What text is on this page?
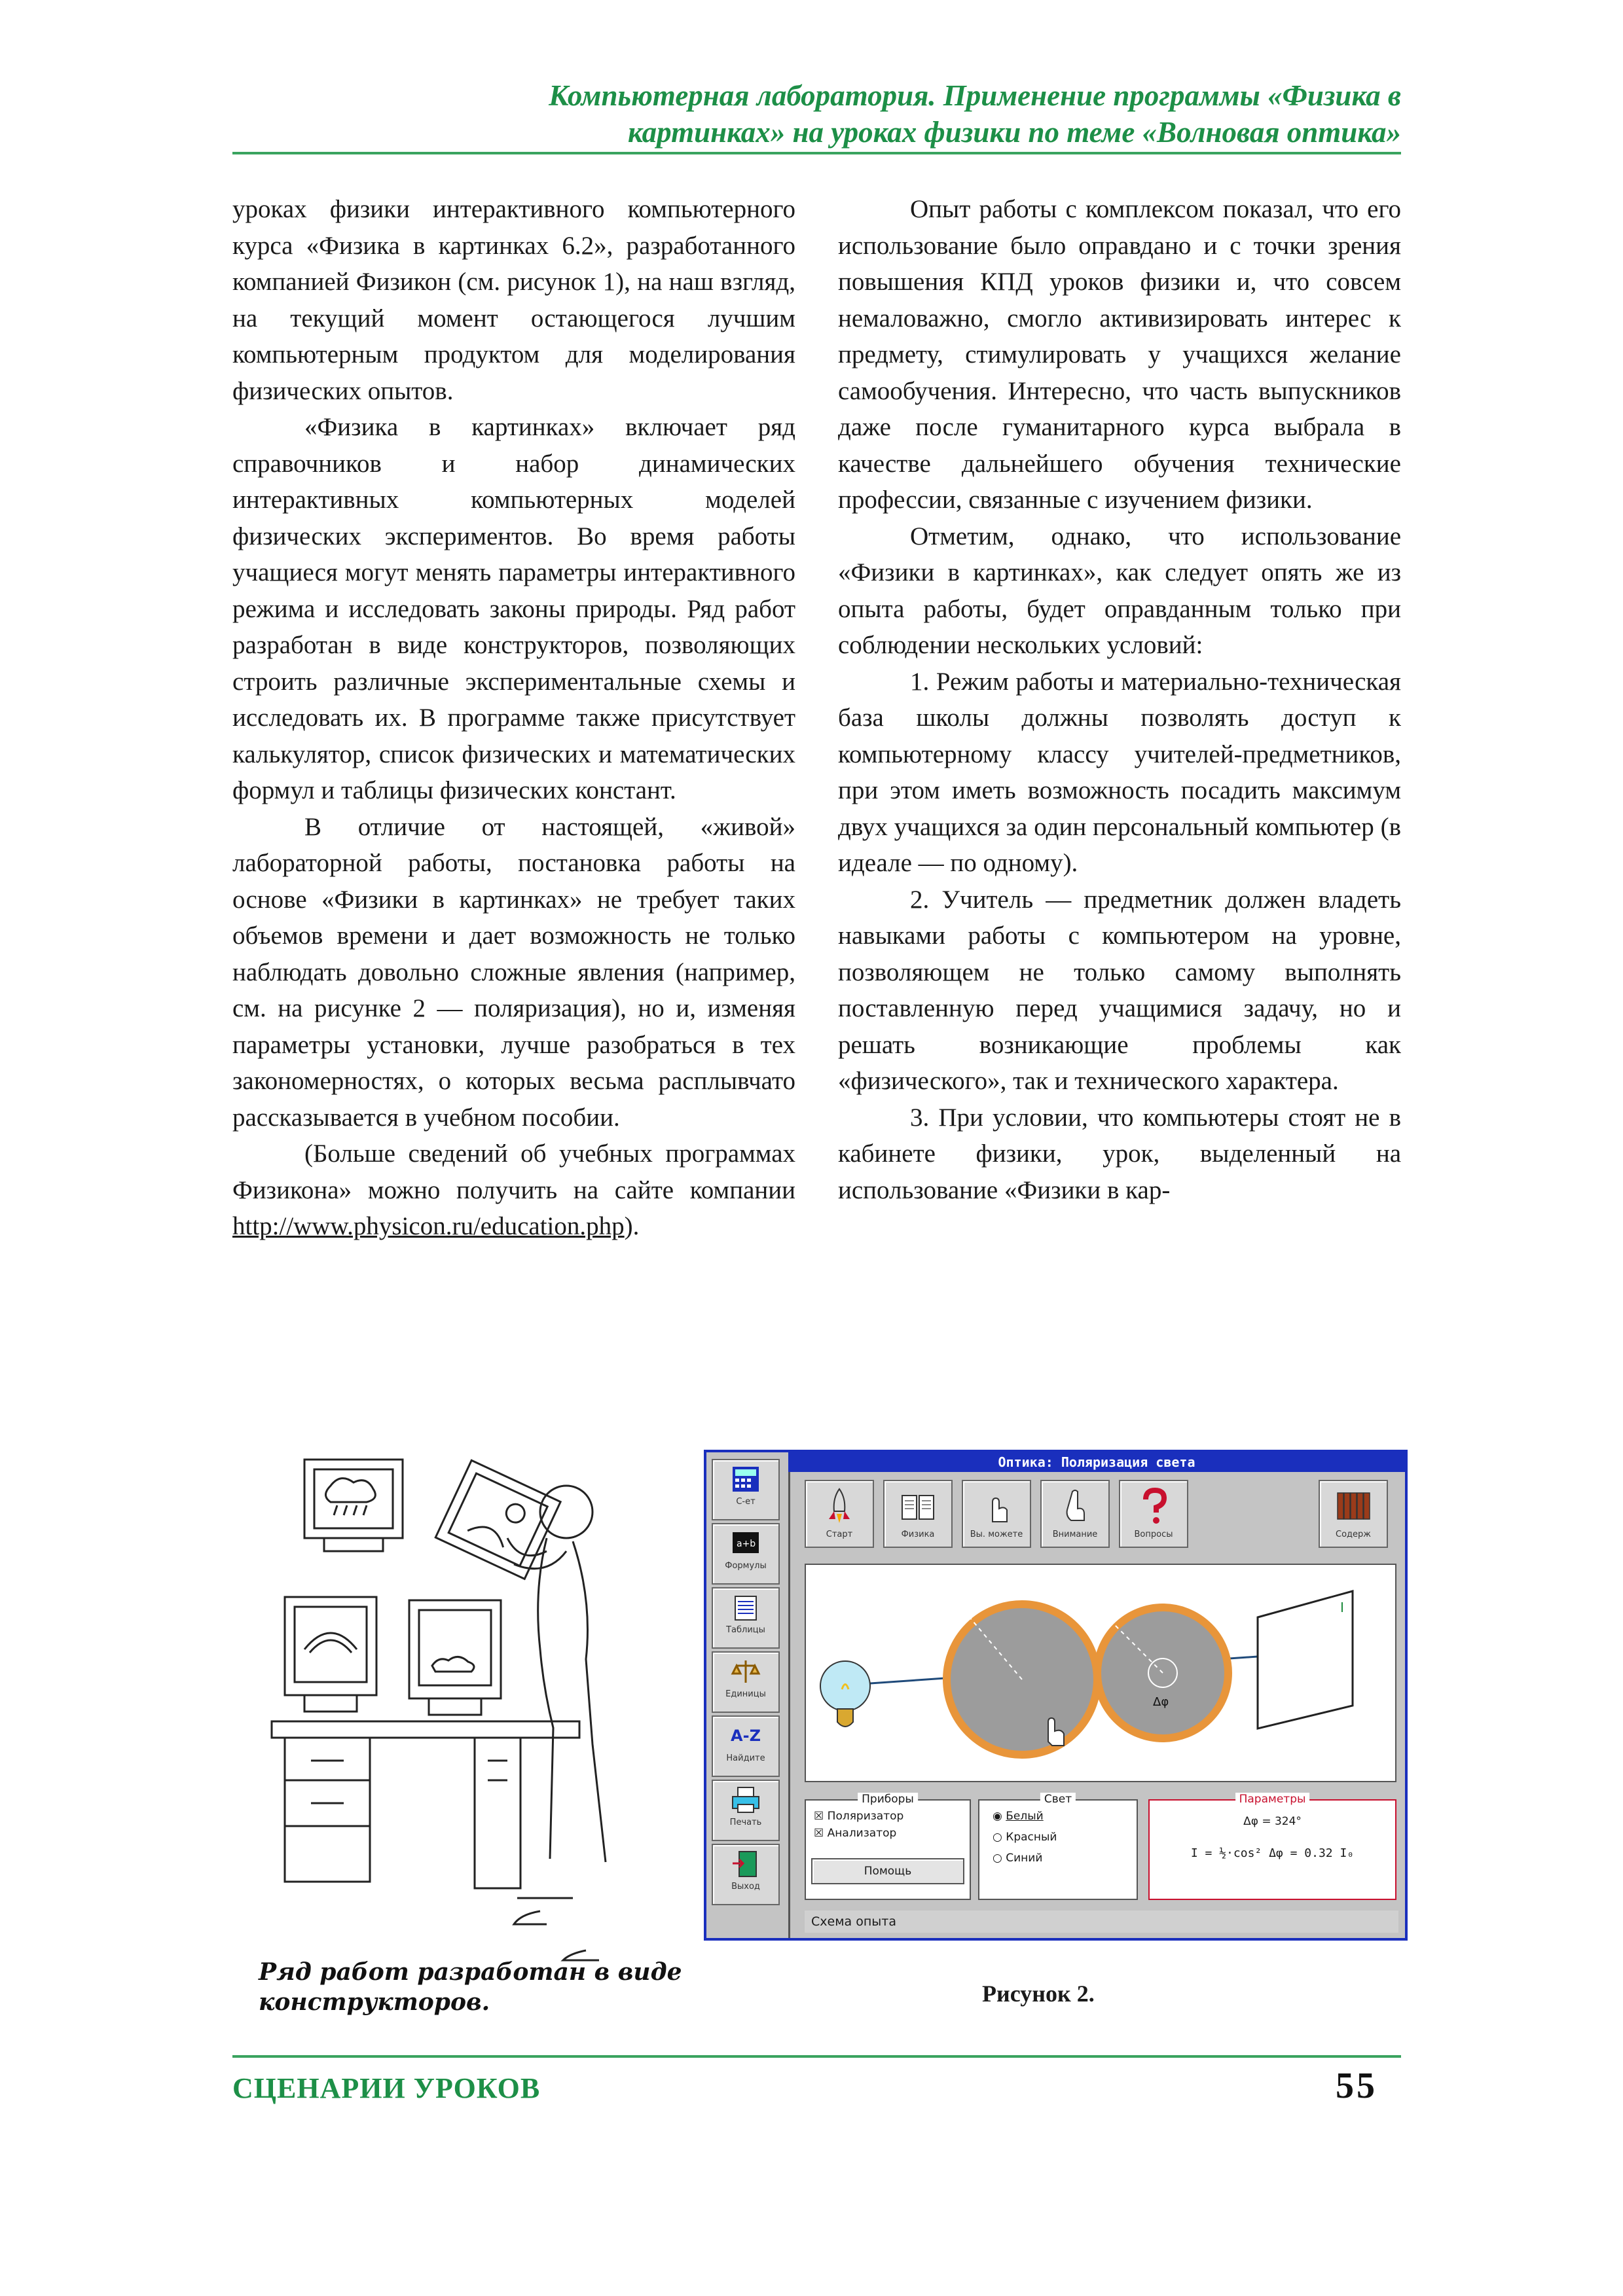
Компьютерная лаборатория. Применение программы «Физика в
картинках» на уроках физики по теме «Волновая оптика»

уроках физики интерактивного компьютерного курса «Физика в картинках 6.2», разработанного компанией Физикон (см. рисунок 1), на наш взгляд, на текущий момент остающегося лучшим компьютерным продуктом для моделирования физических опытов.

«Физика в картинках» включает ряд справочников и набор динамических интерактивных компьютерных моделей физических экспериментов. Во время работы учащиеся могут менять параметры интерактивного режима и исследовать законы природы. Ряд работ разработан в виде конструкторов, позволяющих строить различные экспериментальные схемы и исследовать их. В программе также присутствует калькулятор, список физических и математических формул и таблицы физических констант.

В отличие от настоящей, «живой» лабораторной работы, постановка работы на основе «Физики в картинках» не требует таких объемов времени и дает возможность не только наблюдать довольно сложные явления (например, см. на рисунке 2 — поляризация), но и, изменяя параметры установки, лучше разобраться в тех закономерностях, о которых весьма расплывчато рассказывается в учебном пособии.

(Больше сведений об учебных программах Физикона» можно получить на сайте компании http://www.physicon.ru/education.php).

Опыт работы с комплексом показал, что его использование было оправдано и с точки зрения повышения КПД уроков физики и, что совсем немаловажно, смогло активизировать интерес к предмету, стимулировать у учащихся желание самообучения. Интересно, что часть выпускников даже после гуманитарного курса выбрала в качестве дальнейшего обучения технические профессии, связанные с изучением физики.

Отметим, однако, что использование «Физики в картинках», как следует опять же из опыта работы, будет оправданным только при соблюдении нескольких условий:

1. Режим работы и материально-техническая база школы должны позволять доступ к компьютерному классу учителей-предметников, при этом иметь возможность посадить максимум двух учащихся за один персональный компьютер (в идеале — по одному).

2. Учитель — предметник должен владеть навыками работы с компьютером на уровне, позволяющем не только самому выполнять поставленную перед учащимися задачу, но и решать возникающие проблемы как «физического», так и технического характера.

3. При условии, что компьютеры стоят не в кабинете физики, урок, выделенный на использование «Физики в кар-

Ряд работ разработан в виде
конструкторов.
С-ет
a+b
Формулы
Таблицы
Единицы
A-Z
Найдите
Печать
Выход
Оптика: Поляризация света
Старт	Физика	Вы. можете	Внимание	Вопросы	Содерж
Δφ
I
Приборы
☒ Поляризатор
☒ Анализатор
Помощь
Свет
◉ Белый
○ Красный
○ Синий
Параметры
Δφ = 324°
I = ½·cos² Δφ = 0.32 I₀
Схема опыта
Рисунок 2.
СЦЕНАРИИ УРОКОВ	55
